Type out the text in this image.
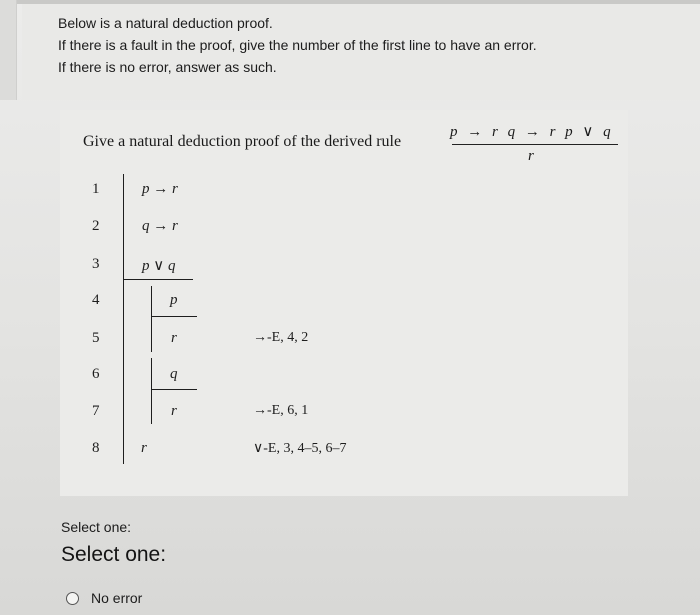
Below is a natural deduction proof.
If there is a fault in the proof, give the number of the first line to have an error.
If there is no error, answer as such.
Give a natural deduction proof of the derived rule
p → r q → r p ∨ q
r
1	p → r
2	q → r
3	p ∨ q
4	p
5	r	→-E, 4, 2
6	q
7	r	→-E, 6, 1
8	r	∨-E, 3, 4–5, 6–7
Select one:
Select one:
No error
